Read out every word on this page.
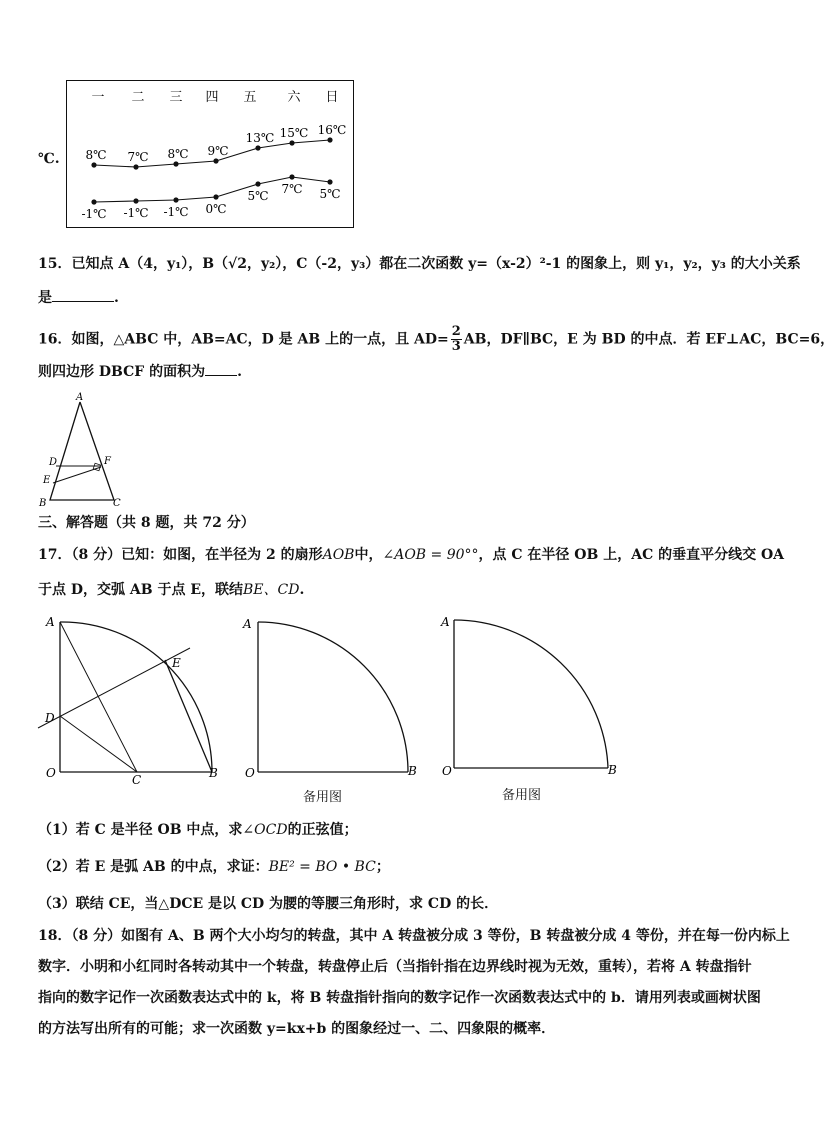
℃.
一 二 三 四 五 六 日
8℃ 7℃ 8℃ 9℃
13℃ 15℃ 16℃
-1℃ -1℃ -1℃ 0℃
5℃ 7℃ 5℃
15．已知点 A（4，y₁），B（√2，y₂），C（-2，y₃）都在二次函数 y=（x-2）²-1 的图象上，则 y₁，y₂，y₃ 的大小关系
是	.
16．如图，△ABC 中，AB=AC，D 是 AB 上的一点，且 $AD= \frac{2}{3}$ AB，DF∥BC，E 为 BD 的中点．若 EF⊥AC，BC=6，
则四边形 DBCF 的面积为 .
A
D	F
E
B	C
三、解答题（共 8 题，共 72 分）
17．（8 分）已知：如图，在半径为 2 的扇形AOB中，∠AOB = 90°°，点 C 在半径 OB 上，AC 的垂直平分线交 OA
于点 D，交弧 AB 于点 E，联结BE、CD.
A
E
D
O	C	B
A
O	B
备用图
A
O	B
备用图
（1）若 C 是半径 OB 中点，求∠OCD的正弦值；
（2）若 E 是弧 AB 的中点，求证：BE² = BO • BC；
（3）联结 CE，当△DCE 是以 CD 为腰的等腰三角形时，求 CD 的长．
18．（8 分）如图有 A、B 两个大小均匀的转盘，其中 A 转盘被分成 3 等份，B 转盘被分成 4 等份，并在每一份内标上
数字．小明和小红同时各转动其中一个转盘，转盘停止后（当指针指在边界线时视为无效，重转），若将 A 转盘指针
指向的数字记作一次函数表达式中的 k，将 B 转盘指针指向的数字记作一次函数表达式中的 b．请用列表或画树状图
的方法写出所有的可能；求一次函数 y=kx+b 的图象经过一、二、四象限的概率．
